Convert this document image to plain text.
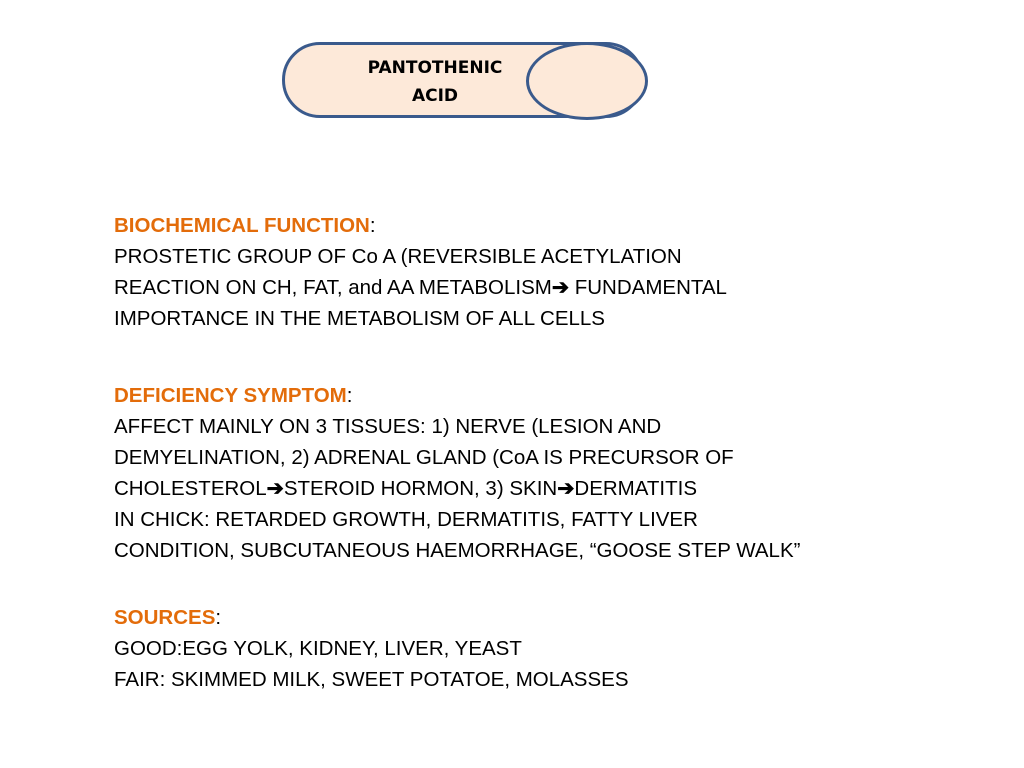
PANTOTHENIC
ACID
BIOCHEMICAL FUNCTION:
PROSTETIC GROUP OF Co A (REVERSIBLE ACETYLATION
REACTION ON CH, FAT, and AA METABOLISM➔ FUNDAMENTAL
IMPORTANCE IN THE METABOLISM OF ALL CELLS
DEFICIENCY SYMPTOM:
AFFECT MAINLY ON 3 TISSUES: 1) NERVE (LESION AND
DEMYELINATION, 2) ADRENAL GLAND (CoA IS PRECURSOR OF
CHOLESTEROL➔STEROID HORMON, 3) SKIN➔DERMATITIS
IN CHICK: RETARDED GROWTH, DERMATITIS, FATTY LIVER
CONDITION, SUBCUTANEOUS HAEMORRHAGE, “GOOSE STEP WALK”
SOURCES:
GOOD:EGG YOLK, KIDNEY, LIVER, YEAST
FAIR: SKIMMED MILK, SWEET POTATOE, MOLASSES
